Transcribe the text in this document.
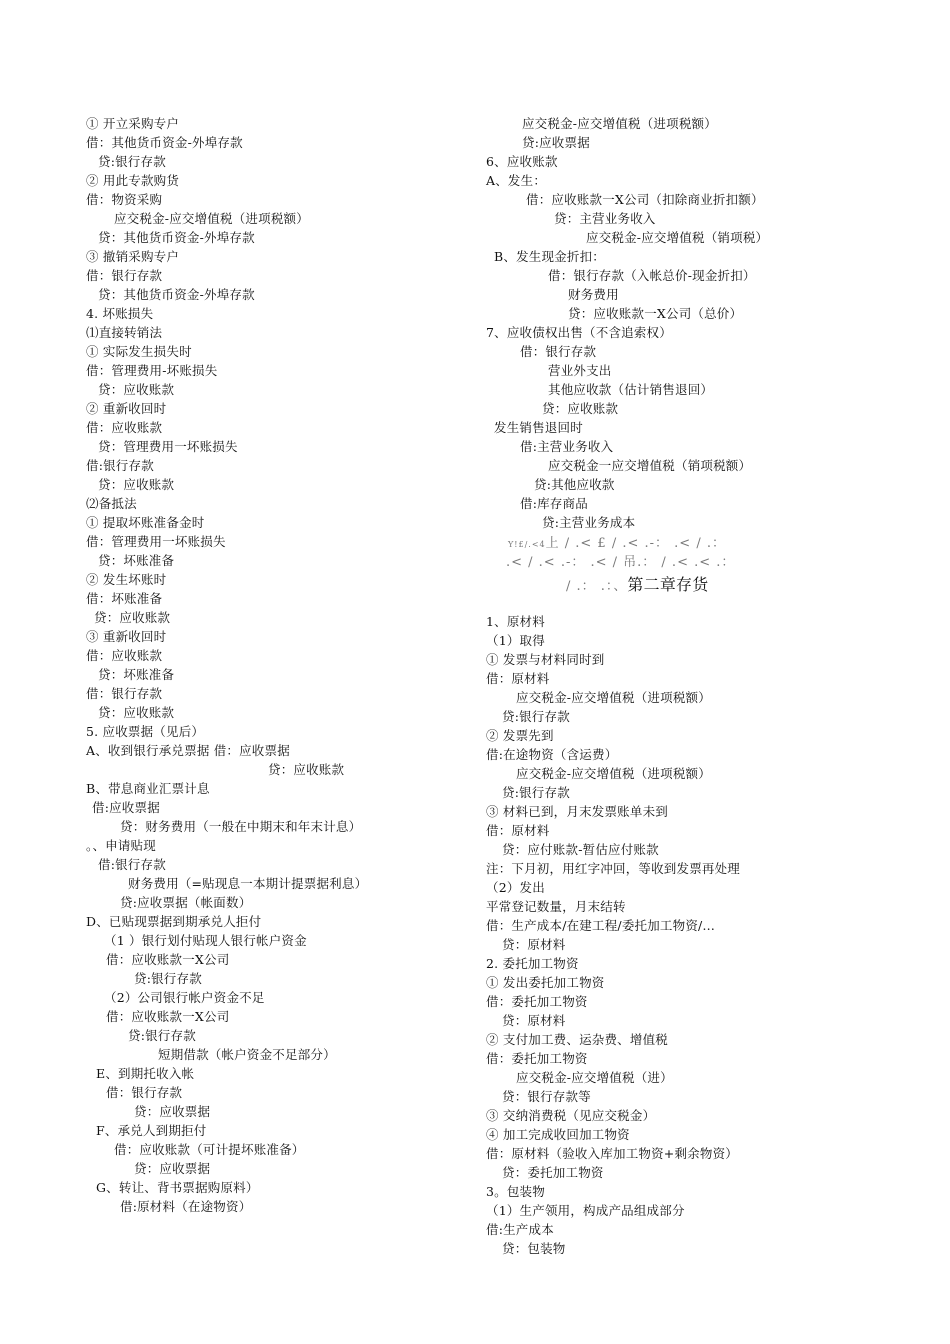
① 开立采购专户
借：其他货币资金-外埠存款
贷:银行存款
② 用此专款购货
借：物资采购
应交税金-应交增值税（进项税额）
贷：其他货币资金-外埠存款
③ 撤销采购专户
借：银行存款
贷：其他货币资金-外埠存款
4. 坏账损失
⑴直接转销法
① 实际发生损失时
借：管理费用-坏账损失
贷：应收账款
② 重新收回时
借：应收账款
贷：管理费用一坏账损失
借:银行存款
贷：应收账款
⑵备抵法
① 提取坏账准备金时
借：管理费用一坏账损失
贷：坏账准备
② 发生坏账时
借：坏账准备
贷：应收账款
③ 重新收回时
借：应收账款
贷：坏账准备
借：银行存款
贷：应收账款
5. 应收票据（见后）
A、收到银行承兑票据 借：应收票据
贷：应收账款
B、带息商业汇票计息
借:应收票据
贷：财务费用（一般在中期末和年末计息）
。、申请贴现
借:银行存款
财务费用（=贴现息一本期计提票据利息）
贷:应收票据（帐面数）
D、已贴现票据到期承兑人拒付
（1 ）银行划付贴现人银行帐户资金
借：应收账款一X公司
贷:银行存款
（2）公司银行帐户资金不足
借：应收账款一X公司
贷:银行存款
短期借款（帐户资金不足部分）
E、到期托收入帐
借：银行存款
贷：应收票据
F、承兑人到期拒付
借：应收账款（可计提坏账准备）
贷：应收票据
G、转让、背书票据购原料）
借:原材料（在途物资）
应交税金-应交增值税（进项税额）
贷:应收票据
6、应收账款
A、发生：
借：应收账款一X公司（扣除商业折扣额）
贷：主营业务收入
应交税金-应交增值税（销项税）
B、发生现金折扣：
借：银行存款（入帐总价-现金折扣）
财务费用
贷：应收账款一X公司（总价）
7、应收债权出售（不含追索权）
借：银行存款
营业外支出
其他应收款（估计销售退回）
贷：应收账款
发生销售退回时
借:主营业务收入
应交税金一应交增值税（销项税额）
贷:其他应收款
借:库存商品
贷:主营业务成本
Y!£/.<4上 / .< £ / .< .-： .< / .：
.< / .< .-： .< / 吊.： / .< .< .：
/ .： .：、第二章存货
1、原材料
（1）取得
① 发票与材料同时到
借：原材料
应交税金-应交增值税（进项税额）
贷:银行存款
② 发票先到
借:在途物资（含运费）
应交税金-应交增值税（进项税额）
贷:银行存款
③ 材料已到，月末发票账单未到
借：原材料
贷：应付账款-暂估应付账款
注：下月初，用红字冲回，等收到发票再处理
（2）发出
平常登记数量，月末结转
借：生产成本/在建工程/委托加工物资/…
贷：原材料
2. 委托加工物资
① 发出委托加工物资
借：委托加工物资
贷：原材料
② 支付加工费、运杂费、增值税
借：委托加工物资
应交税金-应交增值税（进）
贷：银行存款等
③ 交纳消费税（见应交税金）
④ 加工完成收回加工物资
借：原材料（验收入库加工物资+剩余物资）
贷：委托加工物资
3。包装物
（1）生产领用，构成产品组成部分
借:生产成本
贷：包装物
